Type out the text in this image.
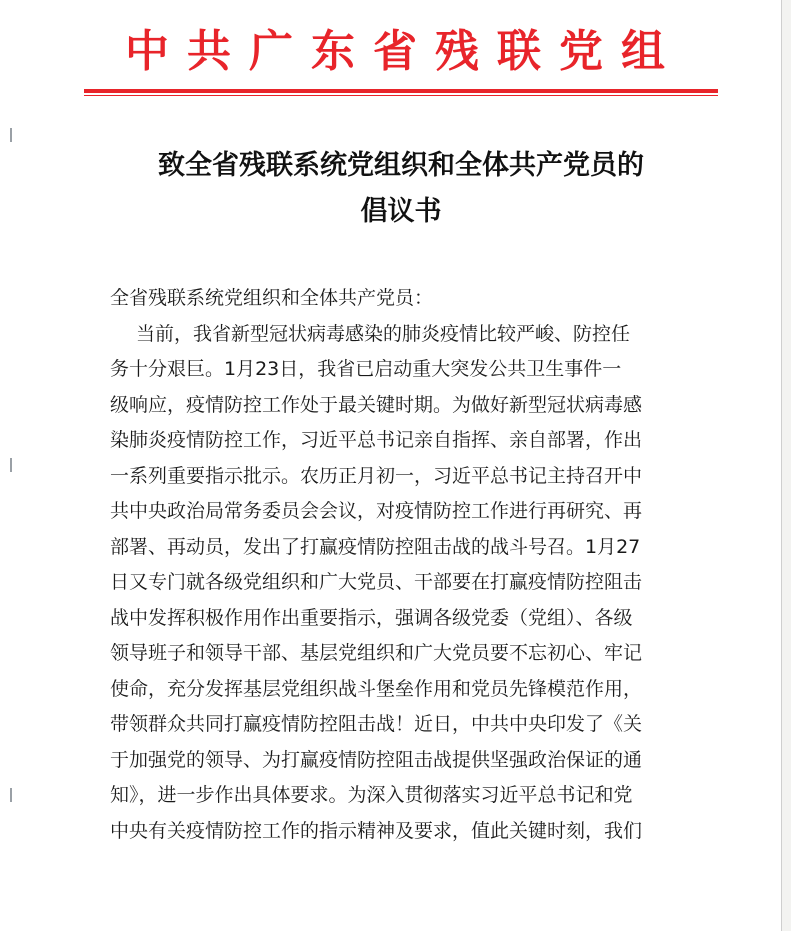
中共广东省残联党组
致全省残联系统党组织和全体共产党员的
倡议书
全省残联系统党组织和全体共产党员：
当前，我省新型冠状病毒感染的肺炎疫情比较严峻、防控任
务十分艰巨。1月23日，我省已启动重大突发公共卫生事件一
级响应，疫情防控工作处于最关键时期。为做好新型冠状病毒感
染肺炎疫情防控工作，习近平总书记亲自指挥、亲自部署，作出
一系列重要指示批示。农历正月初一，习近平总书记主持召开中
共中央政治局常务委员会会议，对疫情防控工作进行再研究、再
部署、再动员，发出了打赢疫情防控阻击战的战斗号召。1月27
日又专门就各级党组织和广大党员、干部要在打赢疫情防控阻击
战中发挥积极作用作出重要指示，强调各级党委（党组）、各级
领导班子和领导干部、基层党组织和广大党员要不忘初心、牢记
使命，充分发挥基层党组织战斗堡垒作用和党员先锋模范作用，
带领群众共同打赢疫情防控阻击战！近日，中共中央印发了《关
于加强党的领导、为打赢疫情防控阻击战提供坚强政治保证的通
知》，进一步作出具体要求。为深入贯彻落实习近平总书记和党
中央有关疫情防控工作的指示精神及要求，值此关键时刻，我们
